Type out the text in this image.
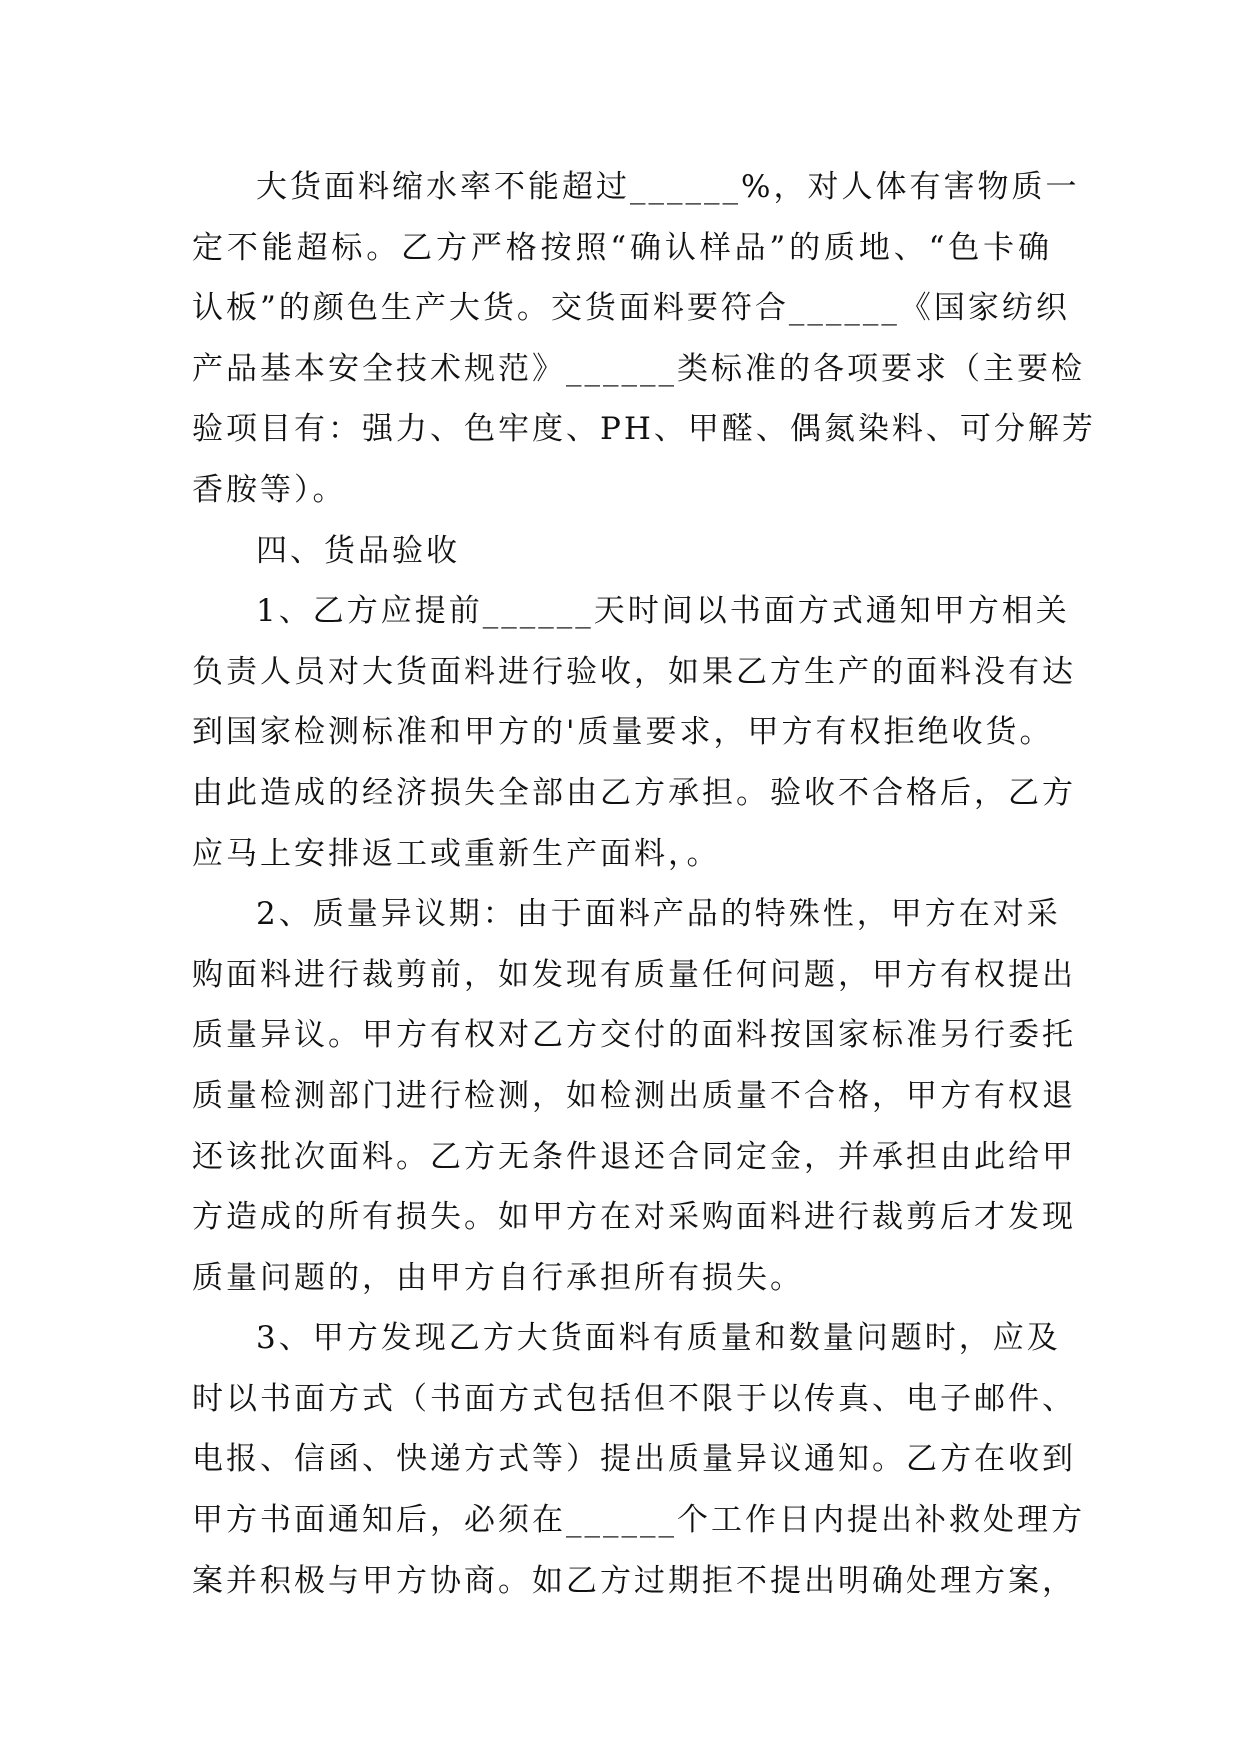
大货面料缩水率不能超过______%，对人体有害物质一
定不能超标。乙方严格按照“确认样品”的质地、“色卡确
认板”的颜色生产大货。交货面料要符合______《国家纺织
产品基本安全技术规范》______类标准的各项要求（主要检
验项目有：强力、色牢度、PH、甲醛、偶氮染料、可分解芳
香胺等）。
四、货品验收
1、乙方应提前______天时间以书面方式通知甲方相关
负责人员对大货面料进行验收，如果乙方生产的面料没有达
到国家检测标准和甲方的'质量要求，甲方有权拒绝收货。
由此造成的经济损失全部由乙方承担。验收不合格后，乙方
应马上安排返工或重新生产面料，。
2、质量异议期：由于面料产品的特殊性，甲方在对采
购面料进行裁剪前，如发现有质量任何问题，甲方有权提出
质量异议。甲方有权对乙方交付的面料按国家标准另行委托
质量检测部门进行检测，如检测出质量不合格，甲方有权退
还该批次面料。乙方无条件退还合同定金，并承担由此给甲
方造成的所有损失。如甲方在对采购面料进行裁剪后才发现
质量问题的，由甲方自行承担所有损失。
3、甲方发现乙方大货面料有质量和数量问题时，应及
时以书面方式（书面方式包括但不限于以传真、电子邮件、
电报、信函、快递方式等）提出质量异议通知。乙方在收到
甲方书面通知后，必须在______个工作日内提出补救处理方
案并积极与甲方协商。如乙方过期拒不提出明确处理方案，
